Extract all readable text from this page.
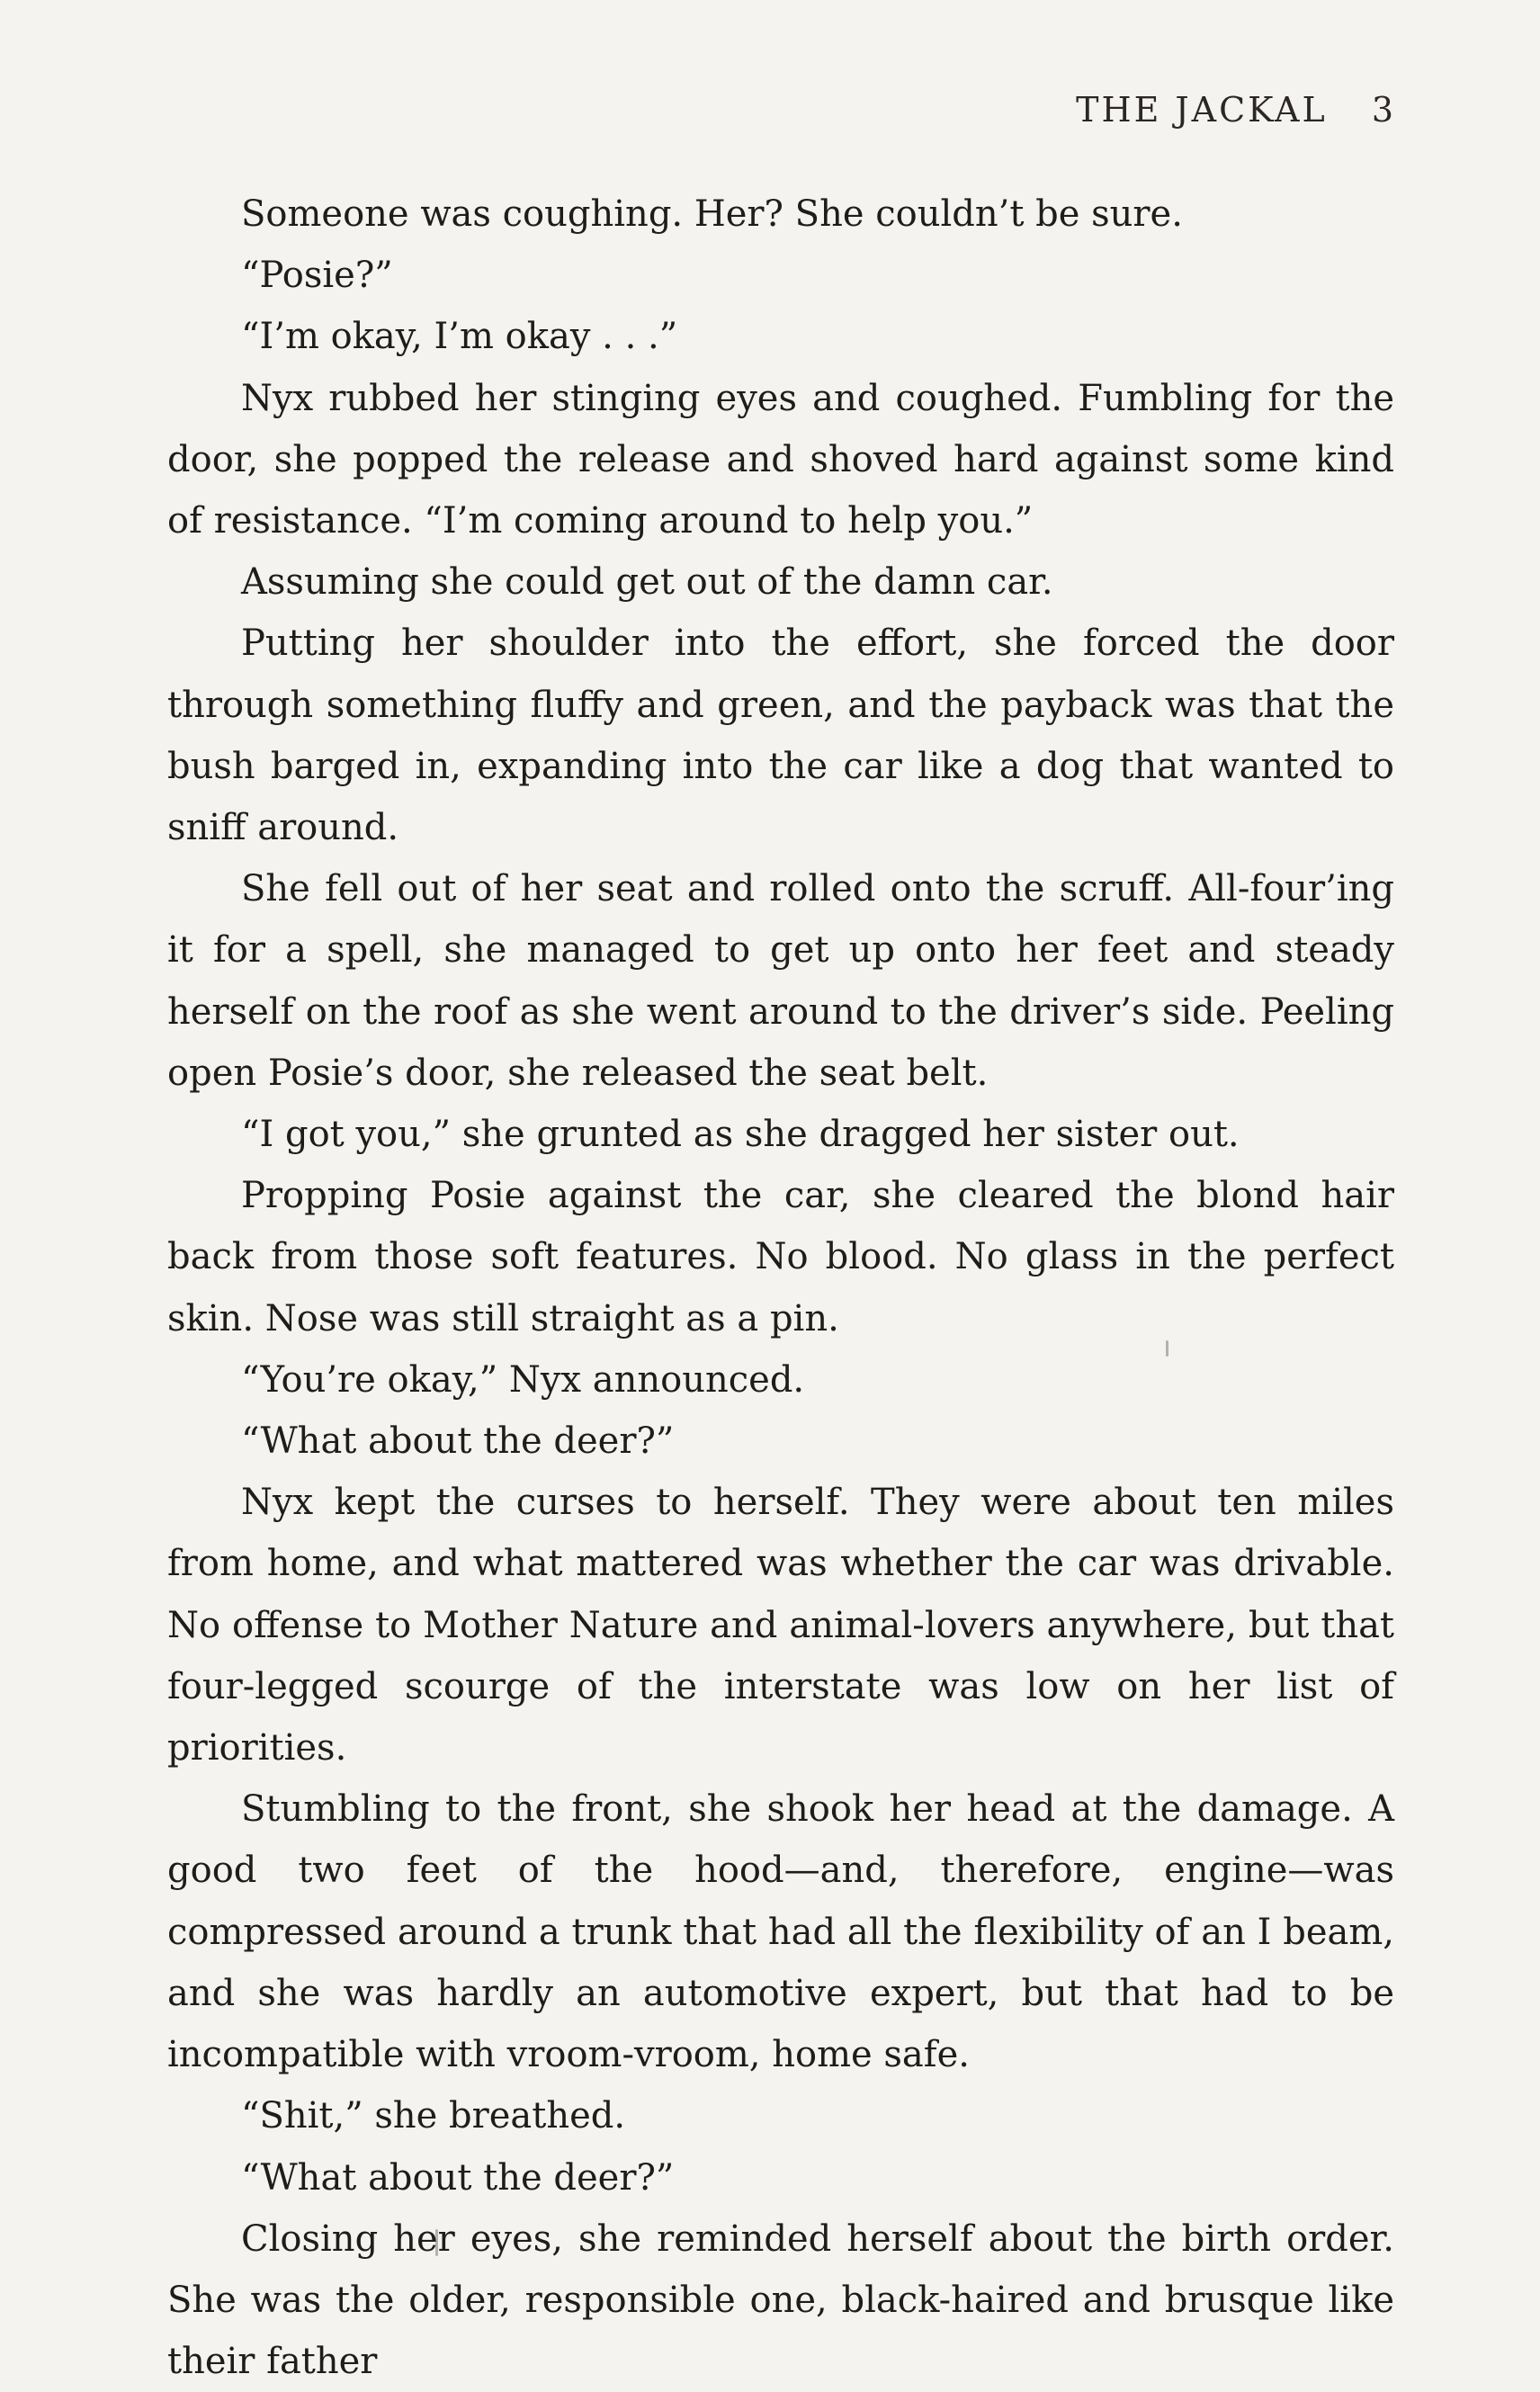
THE JACKAL 3

Someone was coughing. Her? She couldn’t be sure.

“Posie?”

“I’m okay, I’m okay . . .”

Nyx rubbed her stinging eyes and coughed. Fumbling for the door, she popped the release and shoved hard against some kind of resistance. “I’m coming around to help you.”

Assuming she could get out of the damn car.

Putting her shoulder into the effort, she forced the door through something fluffy and green, and the payback was that the bush barged in, expanding into the car like a dog that wanted to sniff around.

She fell out of her seat and rolled onto the scruff. All-four’ing it for a spell, she managed to get up onto her feet and steady herself on the roof as she went around to the driver’s side. Peeling open Posie’s door, she released the seat belt.

“I got you,” she grunted as she dragged her sister out.

Propping Posie against the car, she cleared the blond hair back from those soft features. No blood. No glass in the perfect skin. Nose was still straight as a pin.

“You’re okay,” Nyx announced.

“What about the deer?”

Nyx kept the curses to herself. They were about ten miles from home, and what mattered was whether the car was drivable. No offense to Mother Nature and animal-lovers anywhere, but that four-legged scourge of the interstate was low on her list of priorities.

Stumbling to the front, she shook her head at the damage. A good two feet of the hood—and, therefore, engine—was compressed around a trunk that had all the flexibility of an I beam, and she was hardly an automotive expert, but that had to be incompatible with vroom-vroom, home safe.

“Shit,” she breathed.

“What about the deer?”

Closing her eyes, she reminded herself about the birth order. She was the older, responsible one, black-haired and brusque like their father
